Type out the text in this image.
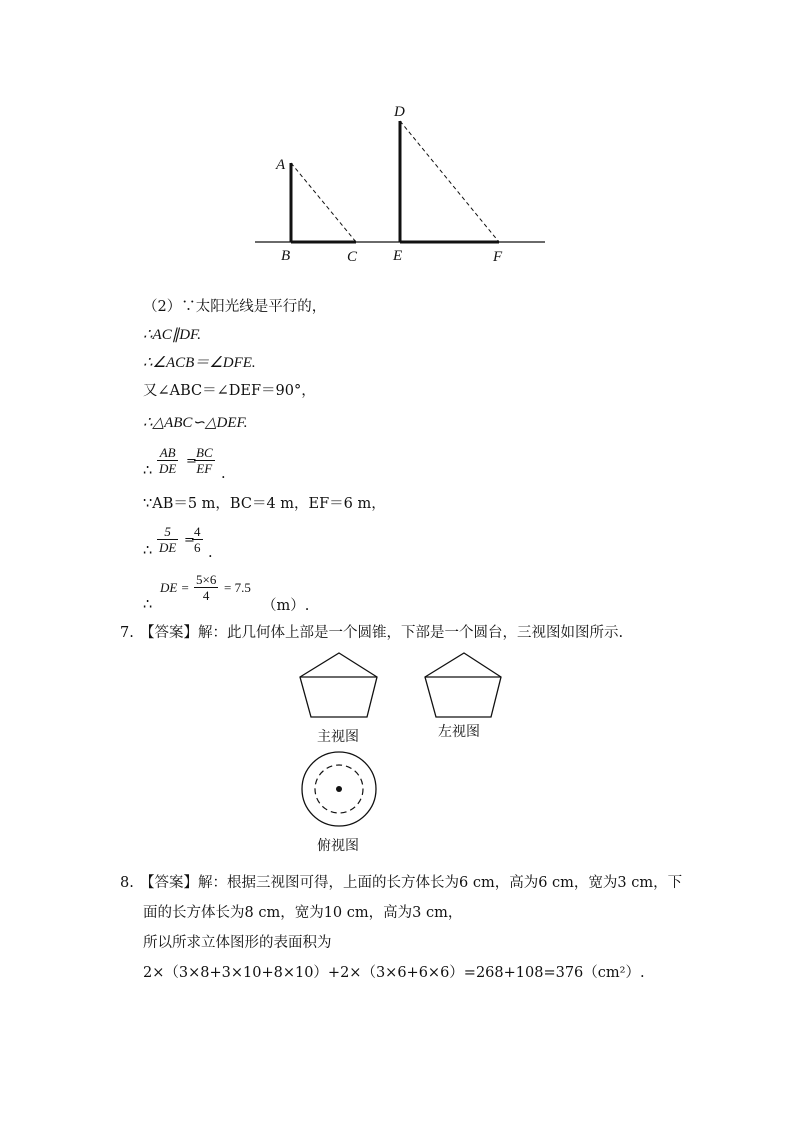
A
B	C
D
E	F
（2）∵太阳光线是平行的，
∴AC∥DF.
∴∠ACB＝∠DFE.
又∠ABC＝∠DEF＝90°，
∴△ABC∽△DEF.
∴ $\frac{AB}{DE}$ =
$\frac{BC}{EF}$ .
∵AB＝5 m，BC＝4 m，EF＝6 m，
∴ $\frac{5}{DE}$ =
$\frac{4}{6}$ .
∴
DE = $\frac{5\times 6}{4} = 7.5$
（m）.
7. 【答案】解：此几何体上部是一个圆锥，下部是一个圆台，三视图如图所示.
主视图	左视图
俯视图
8. 【答案】解：根据三视图可得，上面的长方体长为6 cm，高为6 cm，宽为3 cm，下
面的长方体长为8 cm，宽为10 cm，高为3 cm，
所以所求立体图形的表面积为
2×（3×8+3×10+8×10）+2×（3×6+6×6）=268+108=376（cm²）.
